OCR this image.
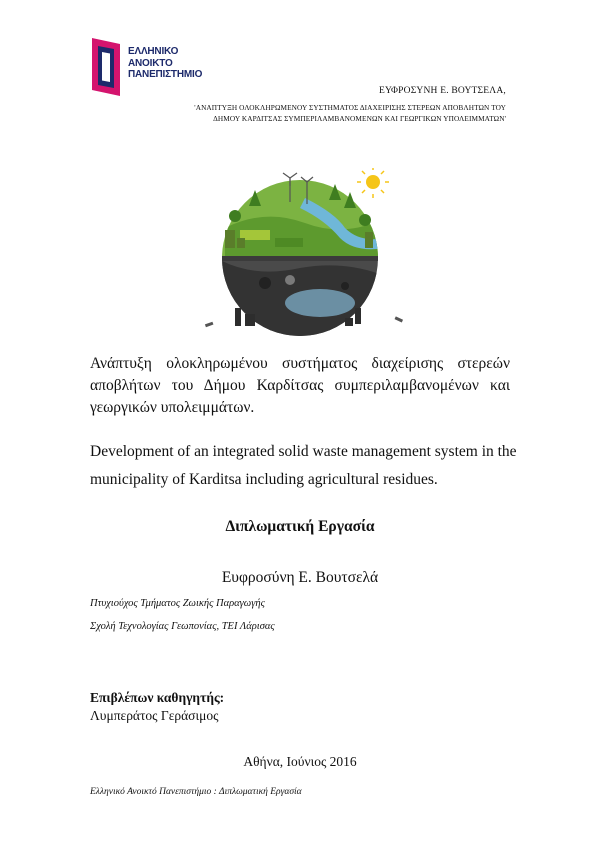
ΕΛΛΗΝΙΚΟ
ΑΝΟΙΚΤΟ
ΠΑΝΕΠΙΣΤΗΜΙΟ
ΕΥΦΡΟΣΥΝΗ Ε. ΒΟΥΤΣΕΛΑ,
'ΑΝΑΠΤΥΞΗ ΟΛΟΚΛΗΡΩΜΕΝΟΥ ΣΥΣΤΗΜΑΤΟΣ ΔΙΑΧΕΙΡΙΣΗΣ ΣΤΕΡΕΩΝ ΑΠΟΒΛΗΤΩΝ ΤΟΥ
ΔΗΜΟΥ ΚΑΡΔΙΤΣΑΣ ΣΥΜΠΕΡΙΛΑΜΒΑΝΟΜΕΝΩΝ ΚΑΙ ΓΕΩΡΓΙΚΩΝ ΥΠΟΛΕΙΜΜΑΤΩΝ'
Ανάπτυξη ολοκληρωμένου συστήματος διαχείρισης στερεών αποβλήτων του Δήμου Καρδίτσας συμπεριλαμβανομένων και γεωργικών υπολειμμάτων.
Development of an integrated solid waste management system in the municipality of Karditsa including agricultural residues.
Διπλωματική Εργασία
Ευφροσύνη Ε. Βουτσελά
Πτυχιούχος Τμήματος Ζωικής Παραγωγής
Σχολή Τεχνολογίας Γεωπονίας, ΤΕΙ Λάρισας
Επιβλέπων καθηγητής:
Λυμπεράτος Γεράσιμος
Αθήνα, Ιούνιος 2016
Ελληνικό Ανοικτό Πανεπιστήμιο : Διπλωματική Εργασία
